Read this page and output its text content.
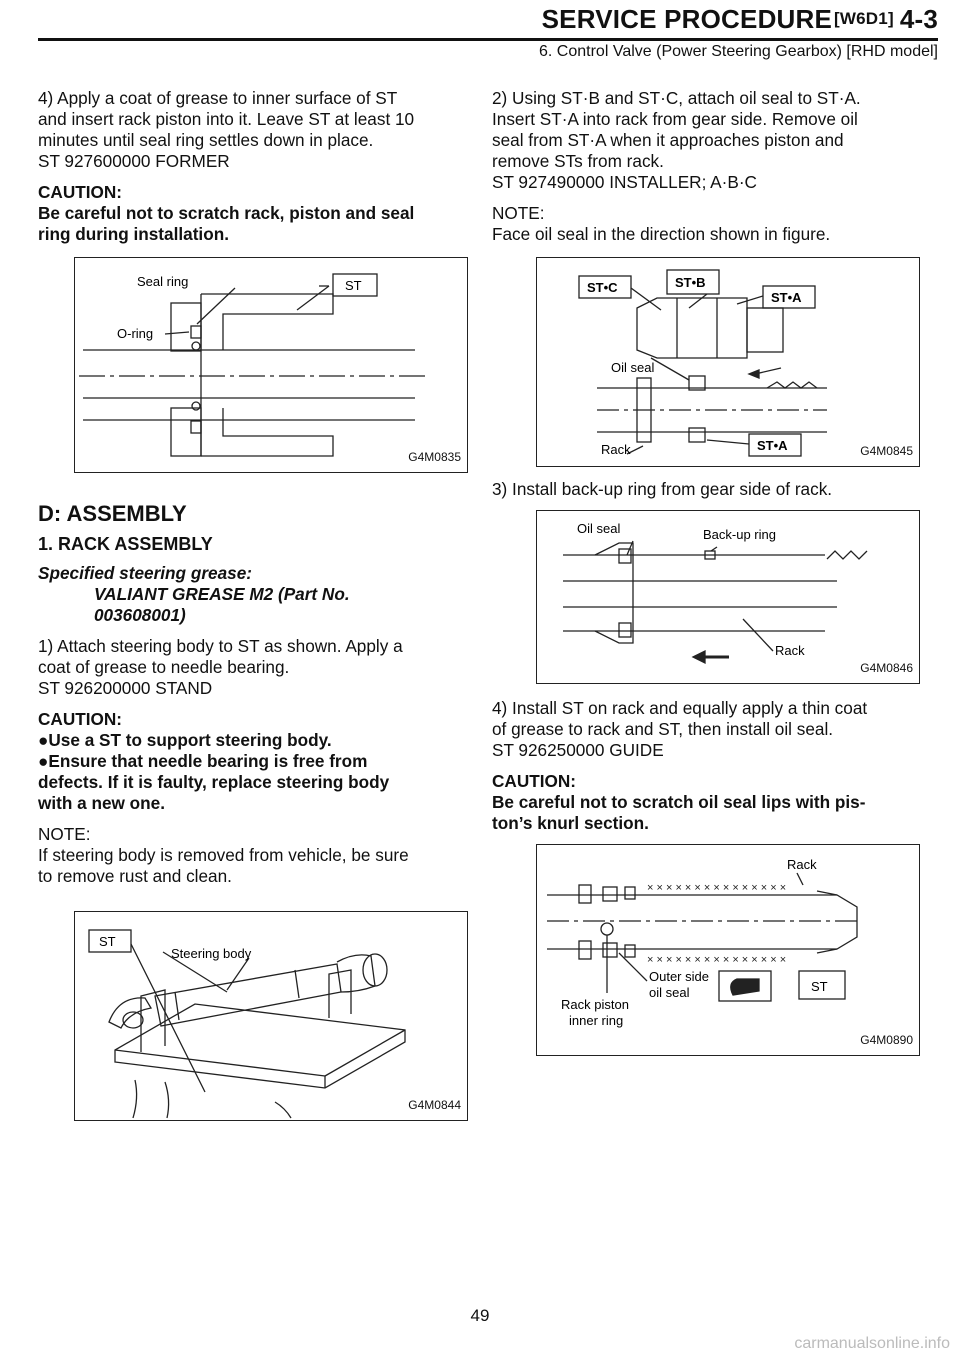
SERVICE PROCEDURE [W6D1] 4-3
6. Control Valve (Power Steering Gearbox) [RHD model]
4) Apply a coat of grease to inner surface of ST
and insert rack piston into it. Leave ST at least 10
minutes until seal ring settles down in place.
ST 927600000 FORMER
CAUTION:
Be careful not to scratch rack, piston and seal
ring during installation.
Seal ring	ST
O-ring
G4M0835
D: ASSEMBLY
1. RACK ASSEMBLY
Specified steering grease:
VALIANT GREASE M2 (Part No.
003608001)
1) Attach steering body to ST as shown. Apply a
coat of grease to needle bearing.
ST 926200000 STAND
CAUTION:
●Use a ST to support steering body.
●Ensure that needle bearing is free from
defects. If it is faulty, replace steering body
with a new one.
NOTE:
If steering body is removed from vehicle, be sure
to remove rust and clean.
ST
Steering body
G4M0844
2) Using ST·B and ST·C, attach oil seal to ST·A.
Insert ST·A into rack from gear side. Remove oil
seal from ST·A when it approaches piston and
remove STs from rack.
ST 927490000 INSTALLER; A·B·C
NOTE:
Face oil seal in the direction shown in figure.
ST•C	ST•B
ST•A
Oil seal
Rack	ST•A	G4M0845
3) Install back-up ring from gear side of rack.
Oil seal	Back-up ring
Rack
G4M0846
4) Install ST on rack and equally apply a thin coat
of grease to rack and ST, then install oil seal.
ST 926250000 GUIDE
CAUTION:
Be careful not to scratch oil seal lips with pis-
ton’s knurl section.
× × × × × × × × × × × × × × ×
× × × × × × × × × × × × × × ×
Rack
Outer side
oil seal	ST
Rack piston
inner ring
G4M0890
49
carmanualsonline.info
